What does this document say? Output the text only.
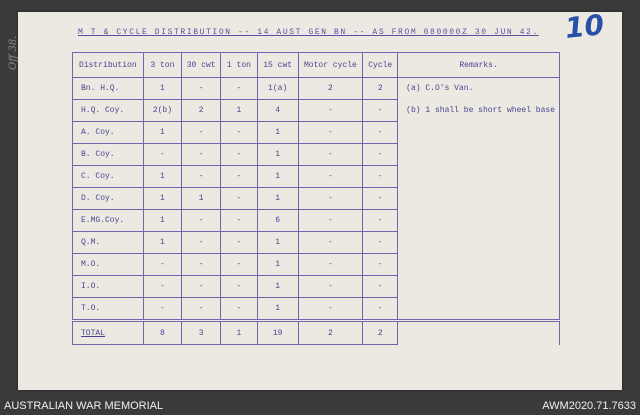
10
Off 38.
M T & CYCLE DISTRIBUTION -- 14 AUST GEN BN -- AS FROM 080000Z 30 JUN 42.
Distribution	3 ton	30 cwt	1 ton	15 cwt	Motor cycle	Cycle	Remarks.
Bn. H.Q.	1	-	-	1(a)	2	2	(a) C.O's Van.
H.Q. Coy.	2(b)	2	1	4	-	-	(b) 1 shall be short wheel base
A. Coy.	1	-	-	1	-	-	
B. Coy.	-	-	-	1	-	-	
C. Coy.	1	-	-	1	-	-	
D. Coy.	1	1	-	1	-	-	
E.MG.Coy.	1	-	-	6	-	-	
Q.M.	1	-	-	1	-	-	
M.O.	-	-	-	1	-	-	
I.O.	-	-	-	1	-	-	
T.O.	-	-	-	1	-	-	
TOTAL	8	3	1	19	2	2	
AUSTRALIAN WAR MEMORIAL	AWM2020.71.7633
